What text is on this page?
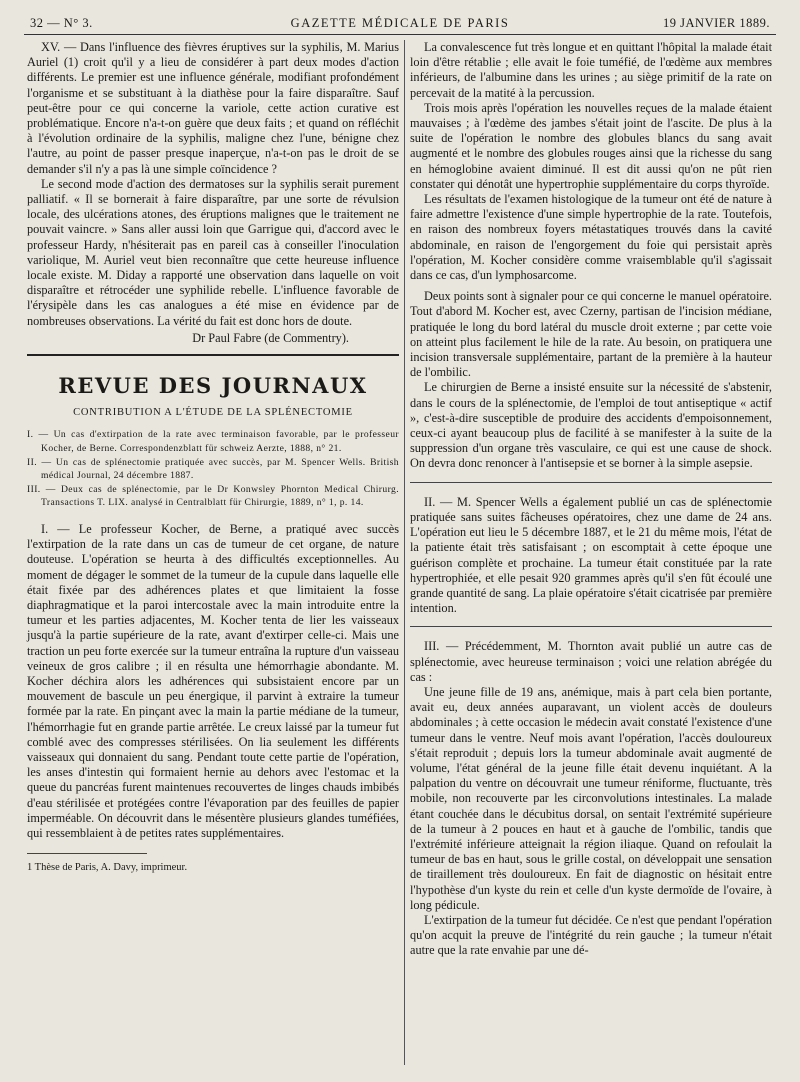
32 — N° 3.	GAZETTE MÉDICALE DE PARIS	19 JANVIER 1889.

XV. — Dans l'influence des fièvres éruptives sur la syphilis, M. Marius Auriel (1) croit qu'il y a lieu de considérer à part deux modes d'action différents. Le premier est une influence générale, modifiant profondément l'organisme et se substituant à la diathèse pour la faire disparaître. Sauf peut-être pour ce qui concerne la variole, cette action curative est problématique. Encore n'a-t-on guère que deux faits ; et quand on réfléchit à l'évolution ordinaire de la syphilis, maligne chez l'une, bénigne chez l'autre, au point de passer presque inaperçue, n'a-t-on pas le droit de se demander s'il n'y a pas là une simple coïncidence ?

Le second mode d'action des dermatoses sur la syphilis serait purement palliatif. « Il se bornerait à faire disparaître, par une sorte de révulsion locale, des ulcérations atones, des éruptions malignes que le traitement ne pouvait vaincre. » Sans aller aussi loin que Garrigue qui, d'accord avec le professeur Hardy, n'hésiterait pas en pareil cas à conseiller l'inoculation variolique, M. Auriel veut bien reconnaître que cette heureuse influence locale existe. M. Diday a rapporté une observation dans laquelle on voit disparaître et rétrocéder une syphilide rebelle. L'influence favorable de l'érysipèle dans les cas analogues a été mise en évidence par de nombreuses observations. La vérité du fait est donc hors de doute.

Dr Paul Fabre (de Commentry).

REVUE DES JOURNAUX
CONTRIBUTION A L'ÉTUDE DE LA SPLÉNECTOMIE

I. — Un cas d'extirpation de la rate avec terminaison favorable, par le professeur Kocher, de Berne. Correspondenzblatt für schweiz Aerzte, 1888, n° 21.

II. — Un cas de splénectomie pratiquée avec succès, par M. Spencer Wells. British médical Journal, 24 décembre 1887.

III. — Deux cas de splénectomie, par le Dr Konwsley Phornton Medical Chirurg. Transactions T. LIX. analysé in Centralblatt für Chirurgie, 1889, n° 1, p. 14.

I. — Le professeur Kocher, de Berne, a pratiqué avec succès l'extirpation de la rate dans un cas de tumeur de cet organe, de nature douteuse. L'opération se heurta à des difficultés exceptionnelles. Au moment de dégager le sommet de la tumeur de la cupule dans laquelle elle était fixée par des adhérences plates et que limitaient la fosse diaphragmatique et la paroi intercostale avec la main introduite entre la tumeur et les parties adjacentes, M. Kocher tenta de lier les vaisseaux jusqu'à la partie supérieure de la rate, avant d'extirper celle-ci. Mais une traction un peu forte exercée sur la tumeur entraîna la rupture d'un vaisseau veineux de gros calibre ; il en résulta une hémorrhagie abondante. M. Kocher déchira alors les adhérences qui subsistaient encore par un mouvement de bascule un peu énergique, il parvint à extraire la tumeur formée par la rate. En pinçant avec la main la partie médiane de la tumeur, l'hémorrhagie fut en grande partie arrêtée. Le creux laissé par la tumeur fut comblé avec des compresses stérilisées. On lia seulement les différents vaisseaux qui donnaient du sang. Pendant toute cette partie de l'opération, les anses d'intestin qui formaient hernie au dehors avec l'estomac et la queue du pancréas furent maintenues recouvertes de linges chauds imbibés d'eau stérilisée et protégées contre l'évaporation par des feuilles de papier imperméable. On découvrit dans le mésentère plusieurs glandes tuméfiées, qui ressemblaient à de petites rates supplémentaires.

1 Thèse de Paris, A. Davy, imprimeur.

La convalescence fut très longue et en quittant l'hôpital la malade était loin d'être rétablie ; elle avait le foie tuméfié, de l'œdème aux membres inférieurs, de l'albumine dans les urines ; au siège primitif de la rate on percevait de la matité à la percussion.

Trois mois après l'opération les nouvelles reçues de la malade étaient mauvaises ; à l'œdème des jambes s'était joint de l'ascite. De plus à la suite de l'opération le nombre des globules blancs du sang avait augmenté et le nombre des globules rouges ainsi que la richesse du sang en hémoglobine avaient diminué. Il est dit aussi qu'on ne pût rien constater qui dénotât une hypertrophie supplémentaire du corps thyroïde.

Les résultats de l'examen histologique de la tumeur ont été de nature à faire admettre l'existence d'une simple hypertrophie de la rate. Toutefois, en raison des nombreux foyers métastatiques trouvés dans la cavité abdominale, en raison de l'engorgement du foie qui persistait après l'opération, M. Kocher considère comme vraisemblable qu'il s'agissait dans ce cas, d'un lymphosarcome.

Deux points sont à signaler pour ce qui concerne le manuel opératoire. Tout d'abord M. Kocher est, avec Czerny, partisan de l'incision médiane, pratiquée le long du bord latéral du muscle droit externe ; par cette voie on atteint plus facilement le hile de la rate. Au besoin, on pratiquera une incision transversale supplémentaire, partant de la première à la hauteur de l'ombilic.

Le chirurgien de Berne a insisté ensuite sur la nécessité de s'abstenir, dans le cours de la splénectomie, de l'emploi de tout antiseptique « actif », c'est-à-dire susceptible de produire des accidents d'empoisonnement, ceux-ci ayant beaucoup plus de facilité à se manifester à la suite de la suppression d'un organe très vasculaire, ce qui est une cause de shock. On devra donc renoncer à l'antisepsie et se borner à la simple asepsie.

II. — M. Spencer Wells a également publié un cas de splénectomie pratiquée sans suites fâcheuses opératoires, chez une dame de 24 ans. L'opération eut lieu le 5 décembre 1887, et le 21 du même mois, l'état de la patiente était très satisfaisant ; on escomptait à cette époque une guérison complète et prochaine. La tumeur était constituée par la rate hypertrophiée, et elle pesait 920 grammes après qu'il s'en fût écoulé une grande quantité de sang. La plaie opératoire s'était cicatrisée par première intention.

III. — Précédemment, M. Thornton avait publié un autre cas de splénectomie, avec heureuse terminaison ; voici une relation abrégée du cas :

Une jeune fille de 19 ans, anémique, mais à part cela bien portante, avait eu, deux années auparavant, un violent accès de douleurs abdominales ; à cette occasion le médecin avait constaté l'existence d'une tumeur dans le ventre. Neuf mois avant l'opération, l'accès douloureux s'était reproduit ; depuis lors la tumeur abdominale avait augmenté de volume, l'état général de la jeune fille était devenu inquiétant. A la palpation du ventre on découvrait une tumeur réniforme, fluctuante, très mobile, non recouverte par les circonvolutions intestinales. La malade étant couchée dans le décubitus dorsal, on sentait l'extrémité supérieure de la tumeur à 2 pouces en haut et à gauche de l'ombilic, tandis que l'extrémité inférieure atteignait la région iliaque. Quand on refoulait la tumeur de bas en haut, sous le grille costal, on développait une sensation de tiraillement très douloureux. En fait de diagnostic on hésitait entre l'hypothèse d'un kyste du rein et celle d'un kyste dermoïde de l'ovaire, à long pédicule.

L'extirpation de la tumeur fut décidée. Ce n'est que pendant l'opération qu'on acquit la preuve de l'intégrité du rein gauche ; la tumeur n'était autre que la rate envahie par une dé-
